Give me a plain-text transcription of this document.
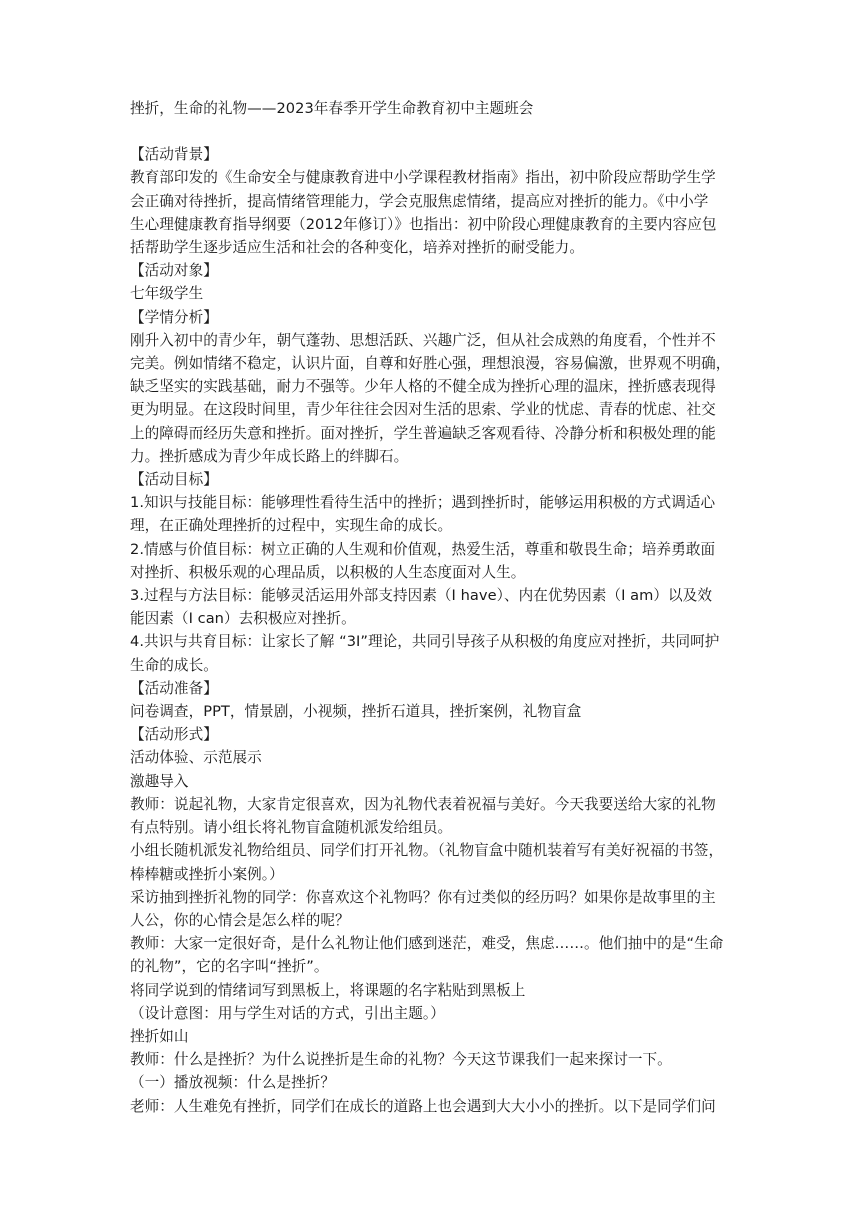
挫折，生命的礼物——2023年春季开学生命教育初中主题班会
【活动背景】
教育部印发的《生命安全与健康教育进中小学课程教材指南》指出，初中阶段应帮助学生学
会正确对待挫折，提高情绪管理能力，学会克服焦虑情绪，提高应对挫折的能力。《中小学
生心理健康教育指导纲要（2012年修订）》也指出：初中阶段心理健康教育的主要内容应包
括帮助学生逐步适应生活和社会的各种变化，培养对挫折的耐受能力。
【活动对象】
七年级学生
【学情分析】
刚升入初中的青少年，朝气蓬勃、思想活跃、兴趣广泛，但从社会成熟的角度看，个性并不
完美。例如情绪不稳定，认识片面，自尊和好胜心强，理想浪漫，容易偏激，世界观不明确，
缺乏坚实的实践基础，耐力不强等。少年人格的不健全成为挫折心理的温床，挫折感表现得
更为明显。在这段时间里，青少年往往会因对生活的思索、学业的忧虑、青春的忧虑、社交
上的障碍而经历失意和挫折。面对挫折，学生普遍缺乏客观看待、冷静分析和积极处理的能
力。挫折感成为青少年成长路上的绊脚石。
【活动目标】
1.知识与技能目标：能够理性看待生活中的挫折；遇到挫折时，能够运用积极的方式调适心
理，在正确处理挫折的过程中，实现生命的成长。
2.情感与价值目标：树立正确的人生观和价值观，热爱生活，尊重和敬畏生命；培养勇敢面
对挫折、积极乐观的心理品质，以积极的人生态度面对人生。
3.过程与方法目标：能够灵活运用外部支持因素（I have）、内在优势因素（I am）以及效
能因素（I can）去积极应对挫折。
4.共识与共育目标：让家长了解 “3I”理论，共同引导孩子从积极的角度应对挫折，共同呵护
生命的成长。
【活动准备】
问卷调查，PPT，情景剧，小视频，挫折石道具，挫折案例，礼物盲盒
【活动形式】
活动体验、示范展示
激趣导入
教师：说起礼物，大家肯定很喜欢，因为礼物代表着祝福与美好。今天我要送给大家的礼物
有点特别。请小组长将礼物盲盒随机派发给组员。
小组长随机派发礼物给组员、同学们打开礼物。（礼物盲盒中随机装着写有美好祝福的书签，
棒棒糖或挫折小案例。）
采访抽到挫折礼物的同学：你喜欢这个礼物吗？你有过类似的经历吗？如果你是故事里的主
人公，你的心情会是怎么样的呢？
教师：大家一定很好奇，是什么礼物让他们感到迷茫，难受，焦虑……。他们抽中的是“生命
的礼物”，它的名字叫“挫折”。
将同学说到的情绪词写到黑板上，将课题的名字粘贴到黑板上
（设计意图：用与学生对话的方式，引出主题。）
挫折如山
教师：什么是挫折？为什么说挫折是生命的礼物？今天这节课我们一起来探讨一下。
（一）播放视频：什么是挫折？
老师：人生难免有挫折，同学们在成长的道路上也会遇到大大小小的挫折。以下是同学们问
